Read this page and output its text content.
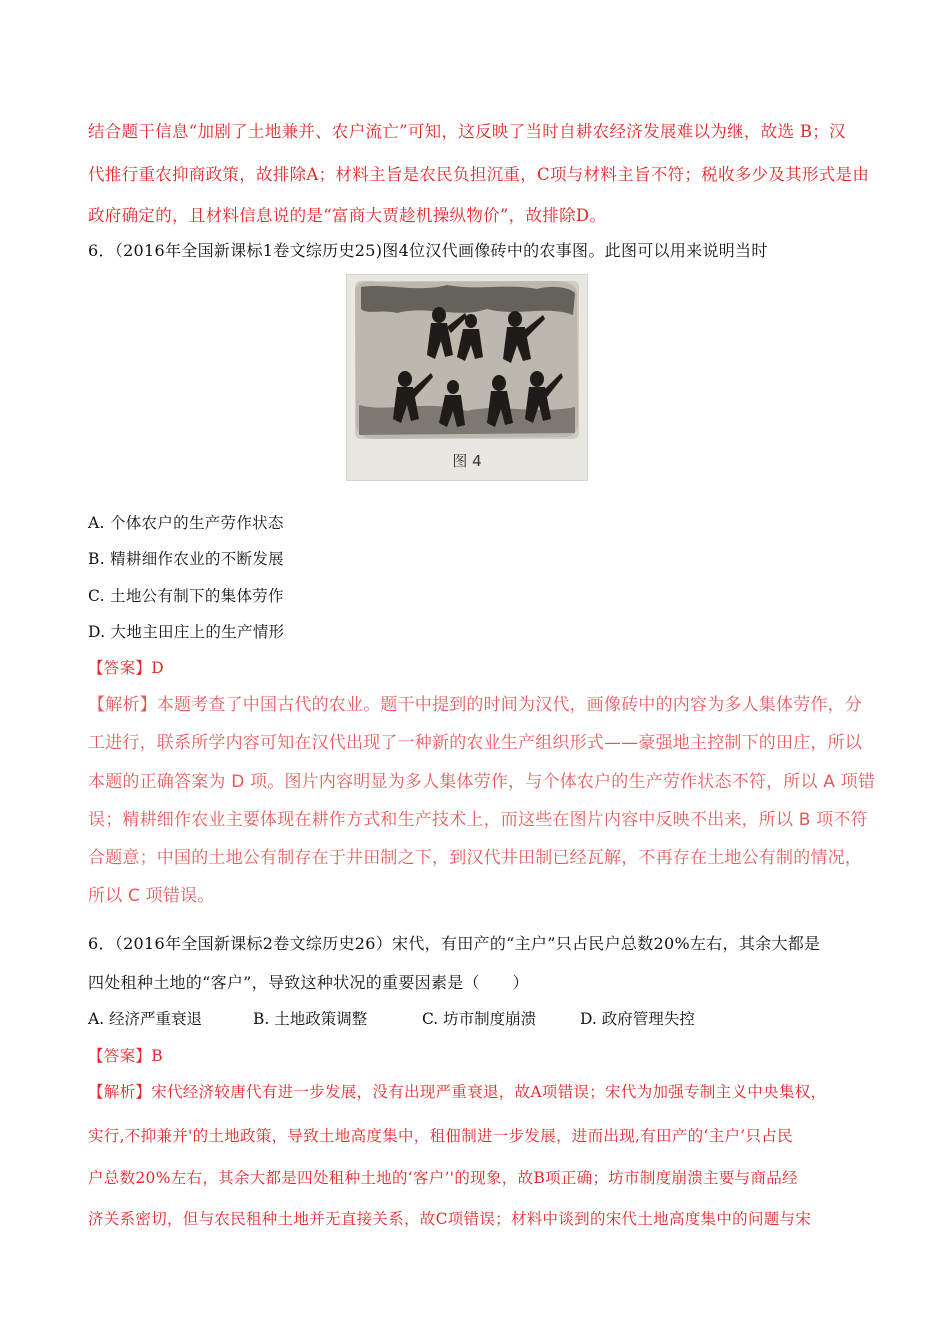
结合题干信息“加剧了土地兼并、农户流亡”可知，这反映了当时自耕农经济发展难以为继，故选 B；汉
代推行重农抑商政策，故排除A；材料主旨是农民负担沉重，C项与材料主旨不符；税收多少及其形式是由
政府确定的，且材料信息说的是“富商大贾趁机操纵物价”，故排除D。
6．（2016年全国新课标1卷文综历史25)图4位汉代画像砖中的农事图。此图可以用来说明当时
图 4
A. 个体农户的生产劳作状态
B. 精耕细作农业的不断发展
C. 土地公有制下的集体劳作
D. 大地主田庄上的生产情形
【答案】D
【解析】本题考查了中国古代的农业。题干中提到的时间为汉代，画像砖中的内容为多人集体劳作，分
工进行，联系所学内容可知在汉代出现了一种新的农业生产组织形式——豪强地主控制下的田庄，所以
本题的正确答案为 D 项。图片内容明显为多人集体劳作，与个体农户的生产劳作状态不符，所以 A 项错
误；精耕细作农业主要体现在耕作方式和生产技术上，而这些在图片内容中反映不出来，所以 B 项不符
合题意；中国的土地公有制存在于井田制之下，到汉代井田制已经瓦解，不再存在土地公有制的情况，
所以 C 项错误。
6．（2016年全国新课标2卷文综历史26）宋代，有田产的“主户”只占民户总数20%左右，其余大都是
四处租种土地的“客户”，导致这种状况的重要因素是（　　）
A. 经济严重衰退	B. 土地政策调整	C. 坊市制度崩溃	D. 政府管理失控
【答案】B
【解析】宋代经济较唐代有进一步发展，没有出现严重衰退，故A项错误；宋代为加强专制主义中央集权，
实行,不抑兼并'的土地政策，导致土地高度集中，租佃制进一步发展，进而出现,有田产的‘主户’只占民
户总数20%左右，其余大都是四处租种土地的‘客户’'的现象，故B项正确；坊市制度崩溃主要与商品经
济关系密切，但与农民租种土地并无直接关系，故C项错误；材料中谈到的宋代土地高度集中的问题与宋
